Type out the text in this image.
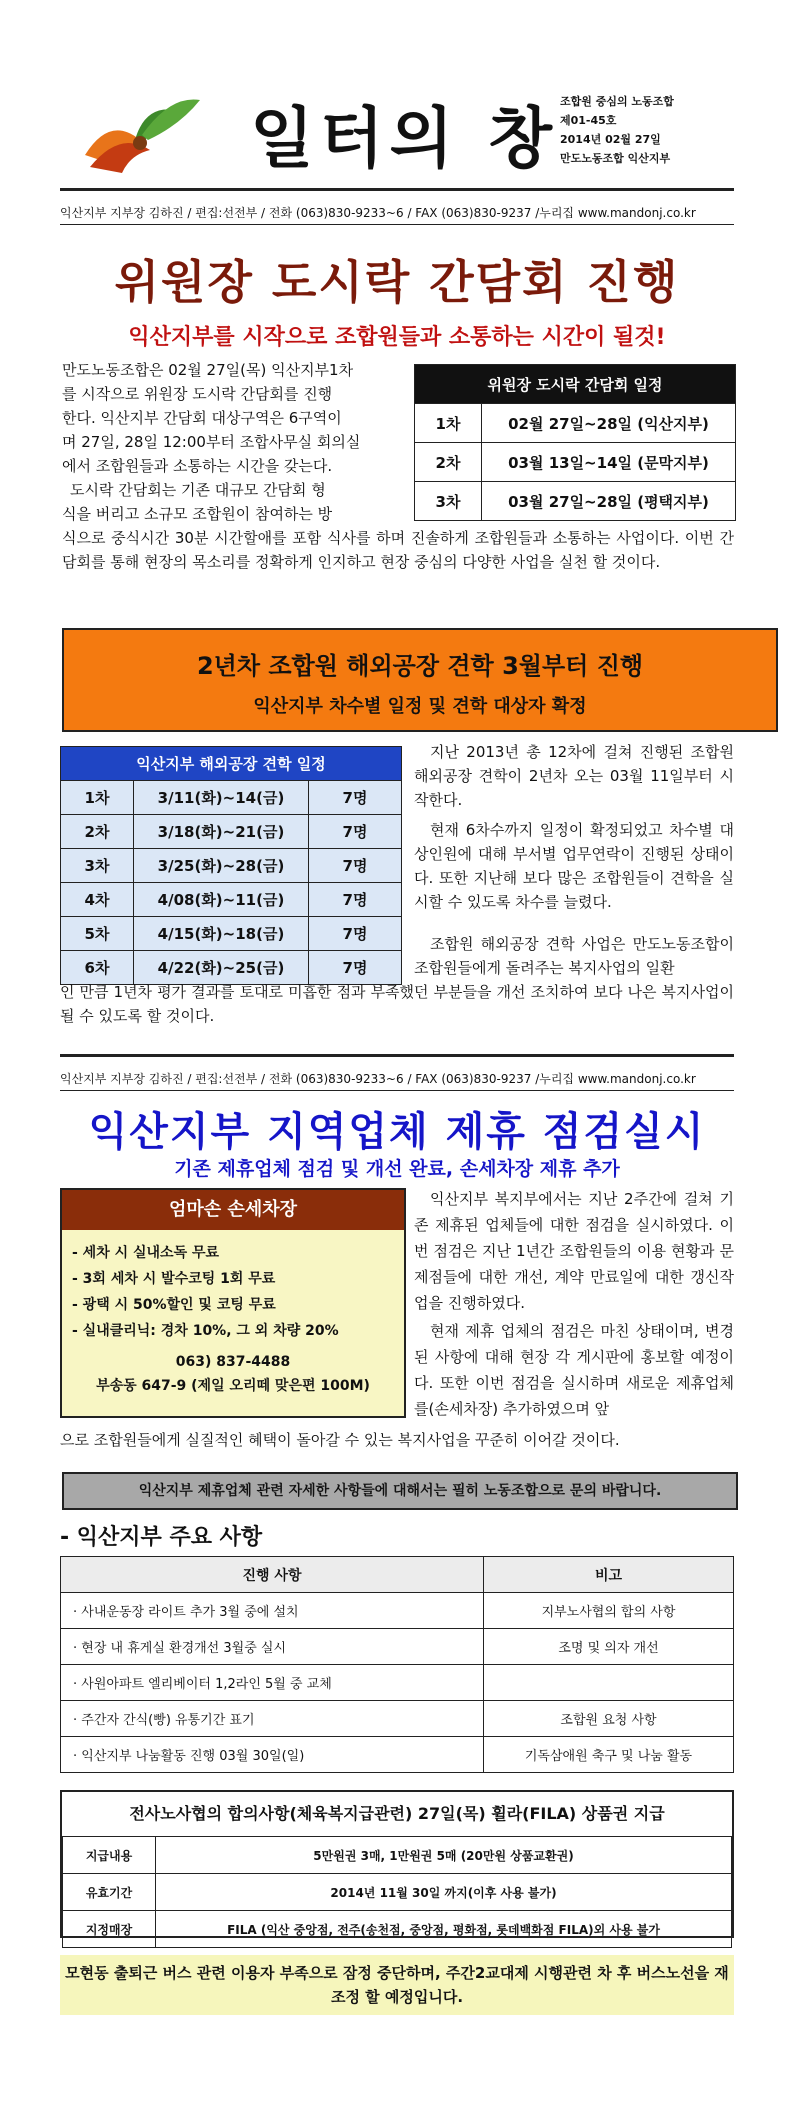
일터의 창 조합원 중심의 노동조합
제01-45호
2014년 02월 27일
만도노동조합 익산지부
익산지부 지부장 김하진 / 편집:선전부 / 전화 (063)830-9233~6 / FAX (063)830-9237 /누리집 www.mandonj.co.kr
위원장 도시락 간담회 진행
익산지부를 시작으로 조합원들과 소통하는 시간이 될것!
만도노동조합은 02월 27일(목) 익산지부1차
를 시작으로 위원장 도시락 간담회를 진행
한다. 익산지부 간담회 대상구역은 6구역이
며 27일, 28일 12:00부터 조합사무실 회의실
에서 조합원들과 소통하는 시간을 갖는다.
도시락 간담회는 기존 대규모 간담회 형
식을 버리고 소규모 조합원이 참여하는 방
위원장 도시락 간담회 일정	
1차	02월 27일~28일 (익산지부)
2차	03월 13일~14일 (문막지부)
3차	03월 27일~28일 (평택지부)
식으로 중식시간 30분 시간할애를 포함 식사를 하며 진솔하게 조합원들과 소통하는 사업이다. 이번 간담회를 통해 현장의 목소리를 정확하게 인지하고 현장 중심의 다양한 사업을 실천 할 것이다.
2년차 조합원 해외공장 견학 3월부터 진행
익산지부 차수별 일정 및 견학 대상자 확정
익산지부 해외공장 견학 일정		
1차	3/11(화)~14(금)	7명
2차	3/18(화)~21(금)	7명
3차	3/25(화)~28(금)	7명
4차	4/08(화)~11(금)	7명
5차	4/15(화)~18(금)	7명
6차	4/22(화)~25(금)	7명
지난 2013년 총 12차에 걸쳐 진행된 조합원 해외공장 견학이 2년차 오는 03월 11일부터 시작한다.
현재 6차수까지 일정이 확정되었고 차수별 대상인원에 대해 부서별 업무연락이 진행된 상태이다. 또한 지난해 보다 많은 조합원들이 견학을 실시할 수 있도록 차수를 늘렸다.
조합원 해외공장 견학 사업은 만도노동조합이 조합원들에게 돌려주는 복지사업의 일환
인 만큼 1년차 평가 결과를 토대로 미흡한 점과 부족했던 부분들을 개선 조치하여 보다 나은 복지사업이 될 수 있도록 할 것이다.
익산지부 지부장 김하진 / 편집:선전부 / 전화 (063)830-9233~6 / FAX (063)830-9237 /누리집 www.mandonj.co.kr
익산지부 지역업체 제휴 점검실시
기존 제휴업체 점검 및 개선 완료, 손세차장 제휴 추가
엄마손 손세차장
- 세차 시 실내소독 무료
- 3회 세차 시 발수코팅 1회 무료
- 광택 시 50%할인 및 코팅 무료
- 실내클리닉: 경차 10%, 그 외 차량 20%
063) 837-4488
부송동 647-9 (제일 오리떼 맞은편 100M)
익산지부 복지부에서는 지난 2주간에 걸쳐 기존 제휴된 업체들에 대한 점검을 실시하였다. 이번 점검은 지난 1년간 조합원들의 이용 현황과 문제점들에 대한 개선, 계약 만료일에 대한 갱신작업을 진행하였다.
현재 제휴 업체의 점검은 마친 상태이며, 변경된 사항에 대해 현장 각 게시판에 홍보할 예정이다. 또한 이번 점검을 실시하며 새로운 제휴업체를(손세차장) 추가하였으며 앞
으로 조합원들에게 실질적인 혜택이 돌아갈 수 있는 복지사업을 꾸준히 이어갈 것이다.
익산지부 제휴업체 관련 자세한 사항들에 대해서는 필히 노동조합으로 문의 바랍니다.
- 익산지부 주요 사항
진행 사항	비고
· 사내운동장 라이트 추가 3월 중에 설치	지부노사협의 합의 사항
· 현장 내 휴게실 환경개선 3월중 실시	조명 및 의자 개선
· 사원아파트 엘리베이터 1,2라인 5월 중 교체	
· 주간자 간식(빵) 유통기간 표기	조합원 요청 사항
· 익산지부 나눔활동 진행 03월 30일(일)	기독삼애원 축구 및 나눔 활동
전사노사협의 합의사항(체육복지급관련) 27일(목) 휠라(FILA) 상품권 지급
지급내용	5만원권 3매, 1만원권 5매 (20만원 상품교환권)
유효기간	2014년 11월 30일 까지(이후 사용 불가)
지정매장	FILA (익산 중앙점, 전주(송천점, 중앙점, 평화점, 롯데백화점 FILA)외 사용 불가
모현동 출퇴근 버스 관련 이용자 부족으로 잠정 중단하며, 주간2교대제 시행관련 차 후 버스노선을 재조정 할 예정입니다.
